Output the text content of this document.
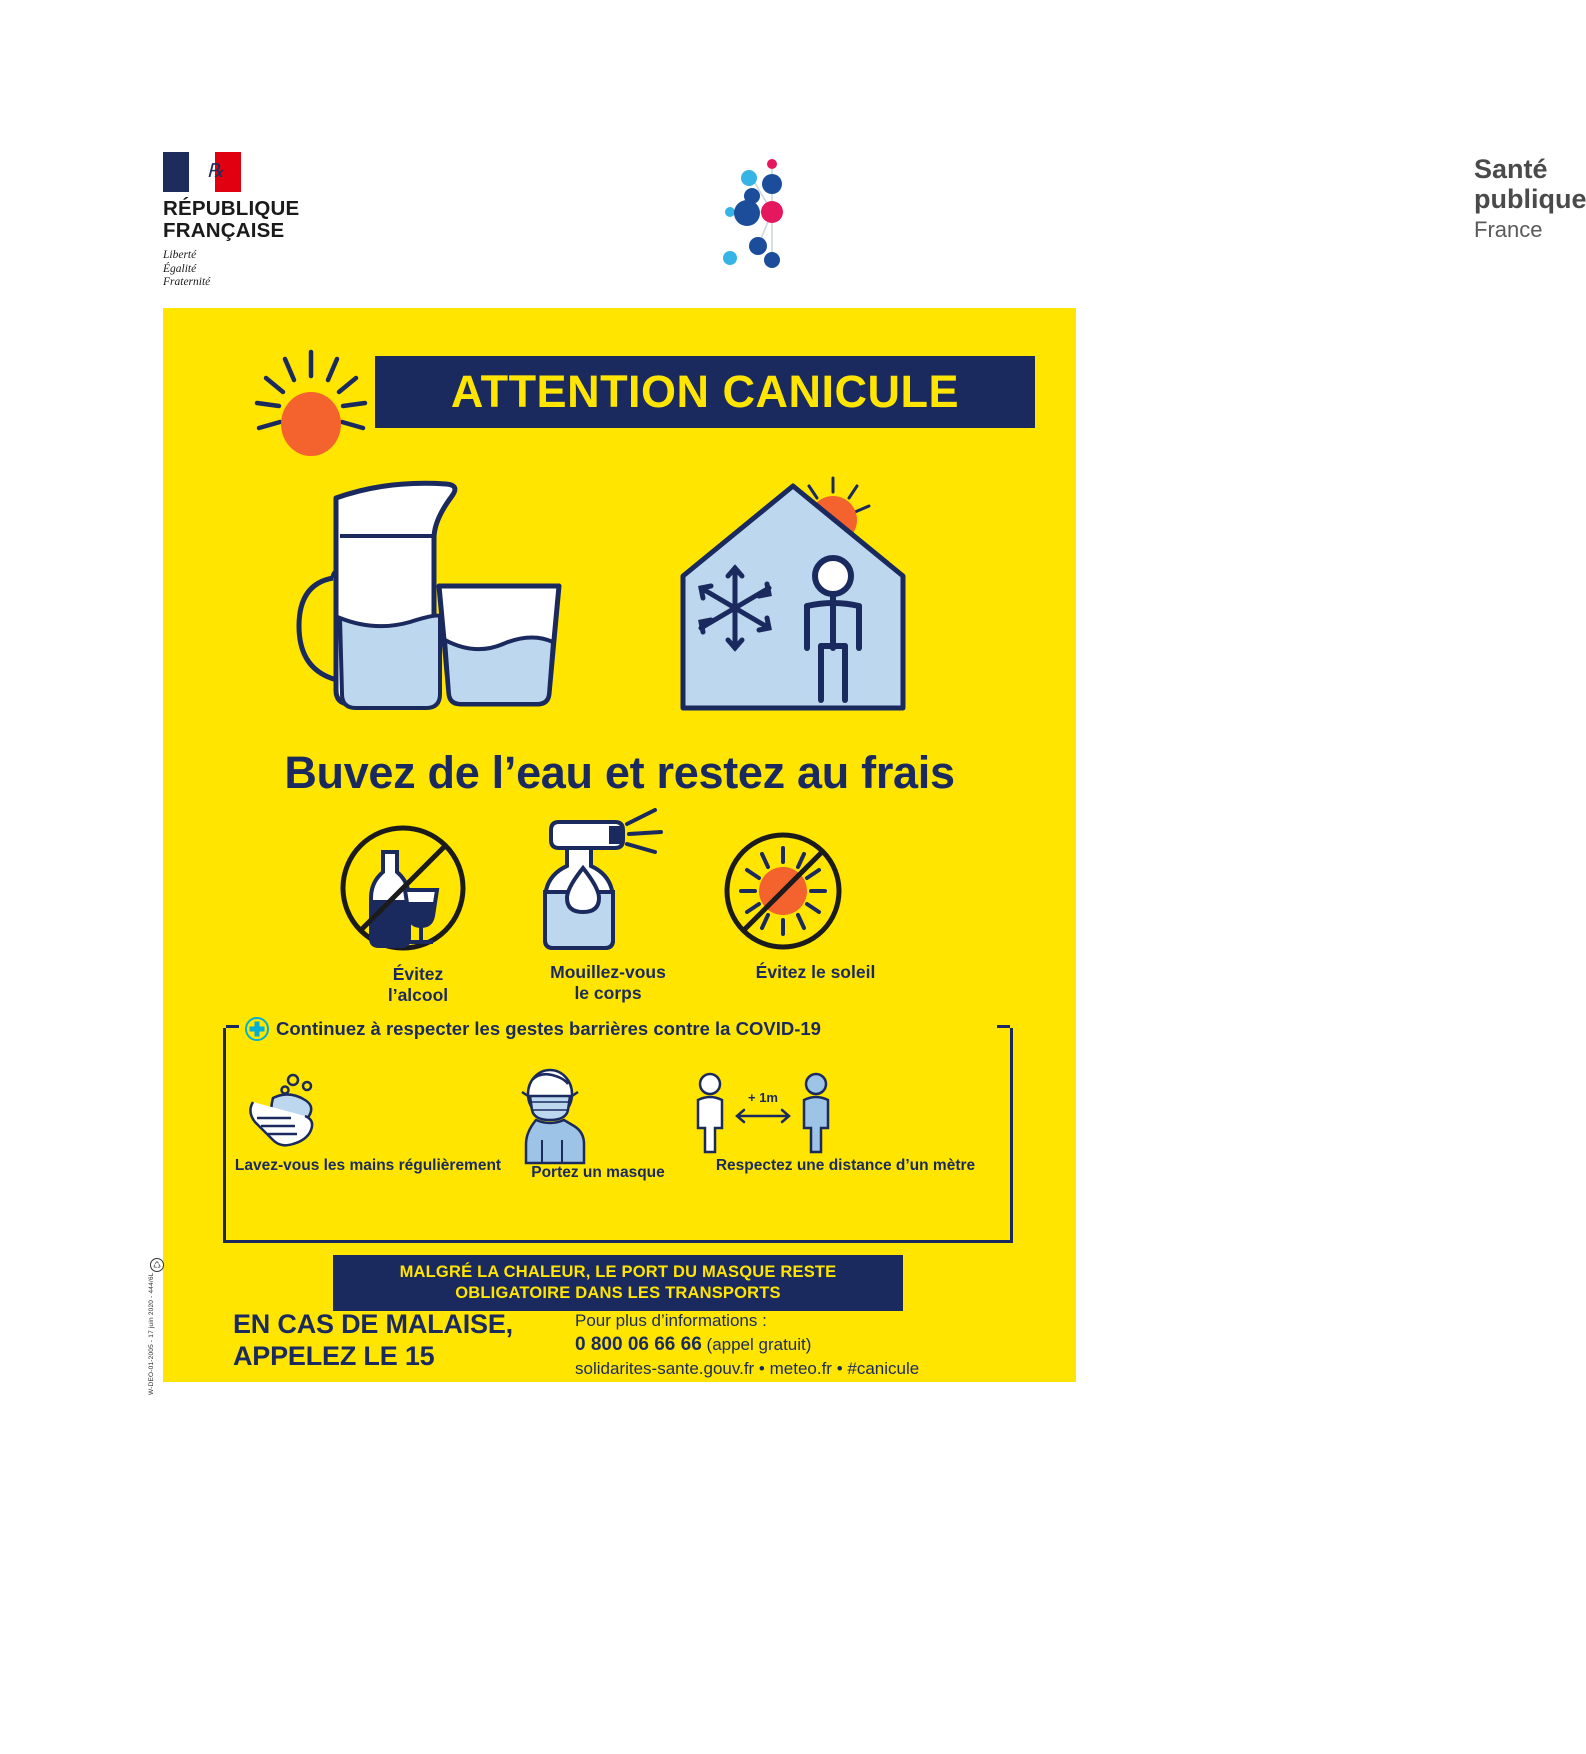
℞
RÉPUBLIQUE
FRANÇAISE
Liberté
Égalité
Fraternité
Santé
publique
France
ATTENTION CANICULE
Buvez de l’eau et restez au frais
Évitez
l’alcool
Mouillez-vous
le corps
Évitez le soleil
Continuez à respecter les gestes barrières contre la COVID-19
Lavez-vous les mains régulièrement	Portez un masque
+ 1m
Respectez une distance d’un mètre
MALGRÉ LA CHALEUR, LE PORT DU MASQUE RESTE
OBLIGATOIRE DANS LES TRANSPORTS
EN CAS DE MALAISE,
APPELEZ LE 15
Pour plus d’informations :
0 800 06 66 66 (appel gratuit)
solidarites-sante.gouv.fr • meteo.fr • #canicule
♺
W-DEO-01-2005 - 17 juin 2020 - 444/6L
